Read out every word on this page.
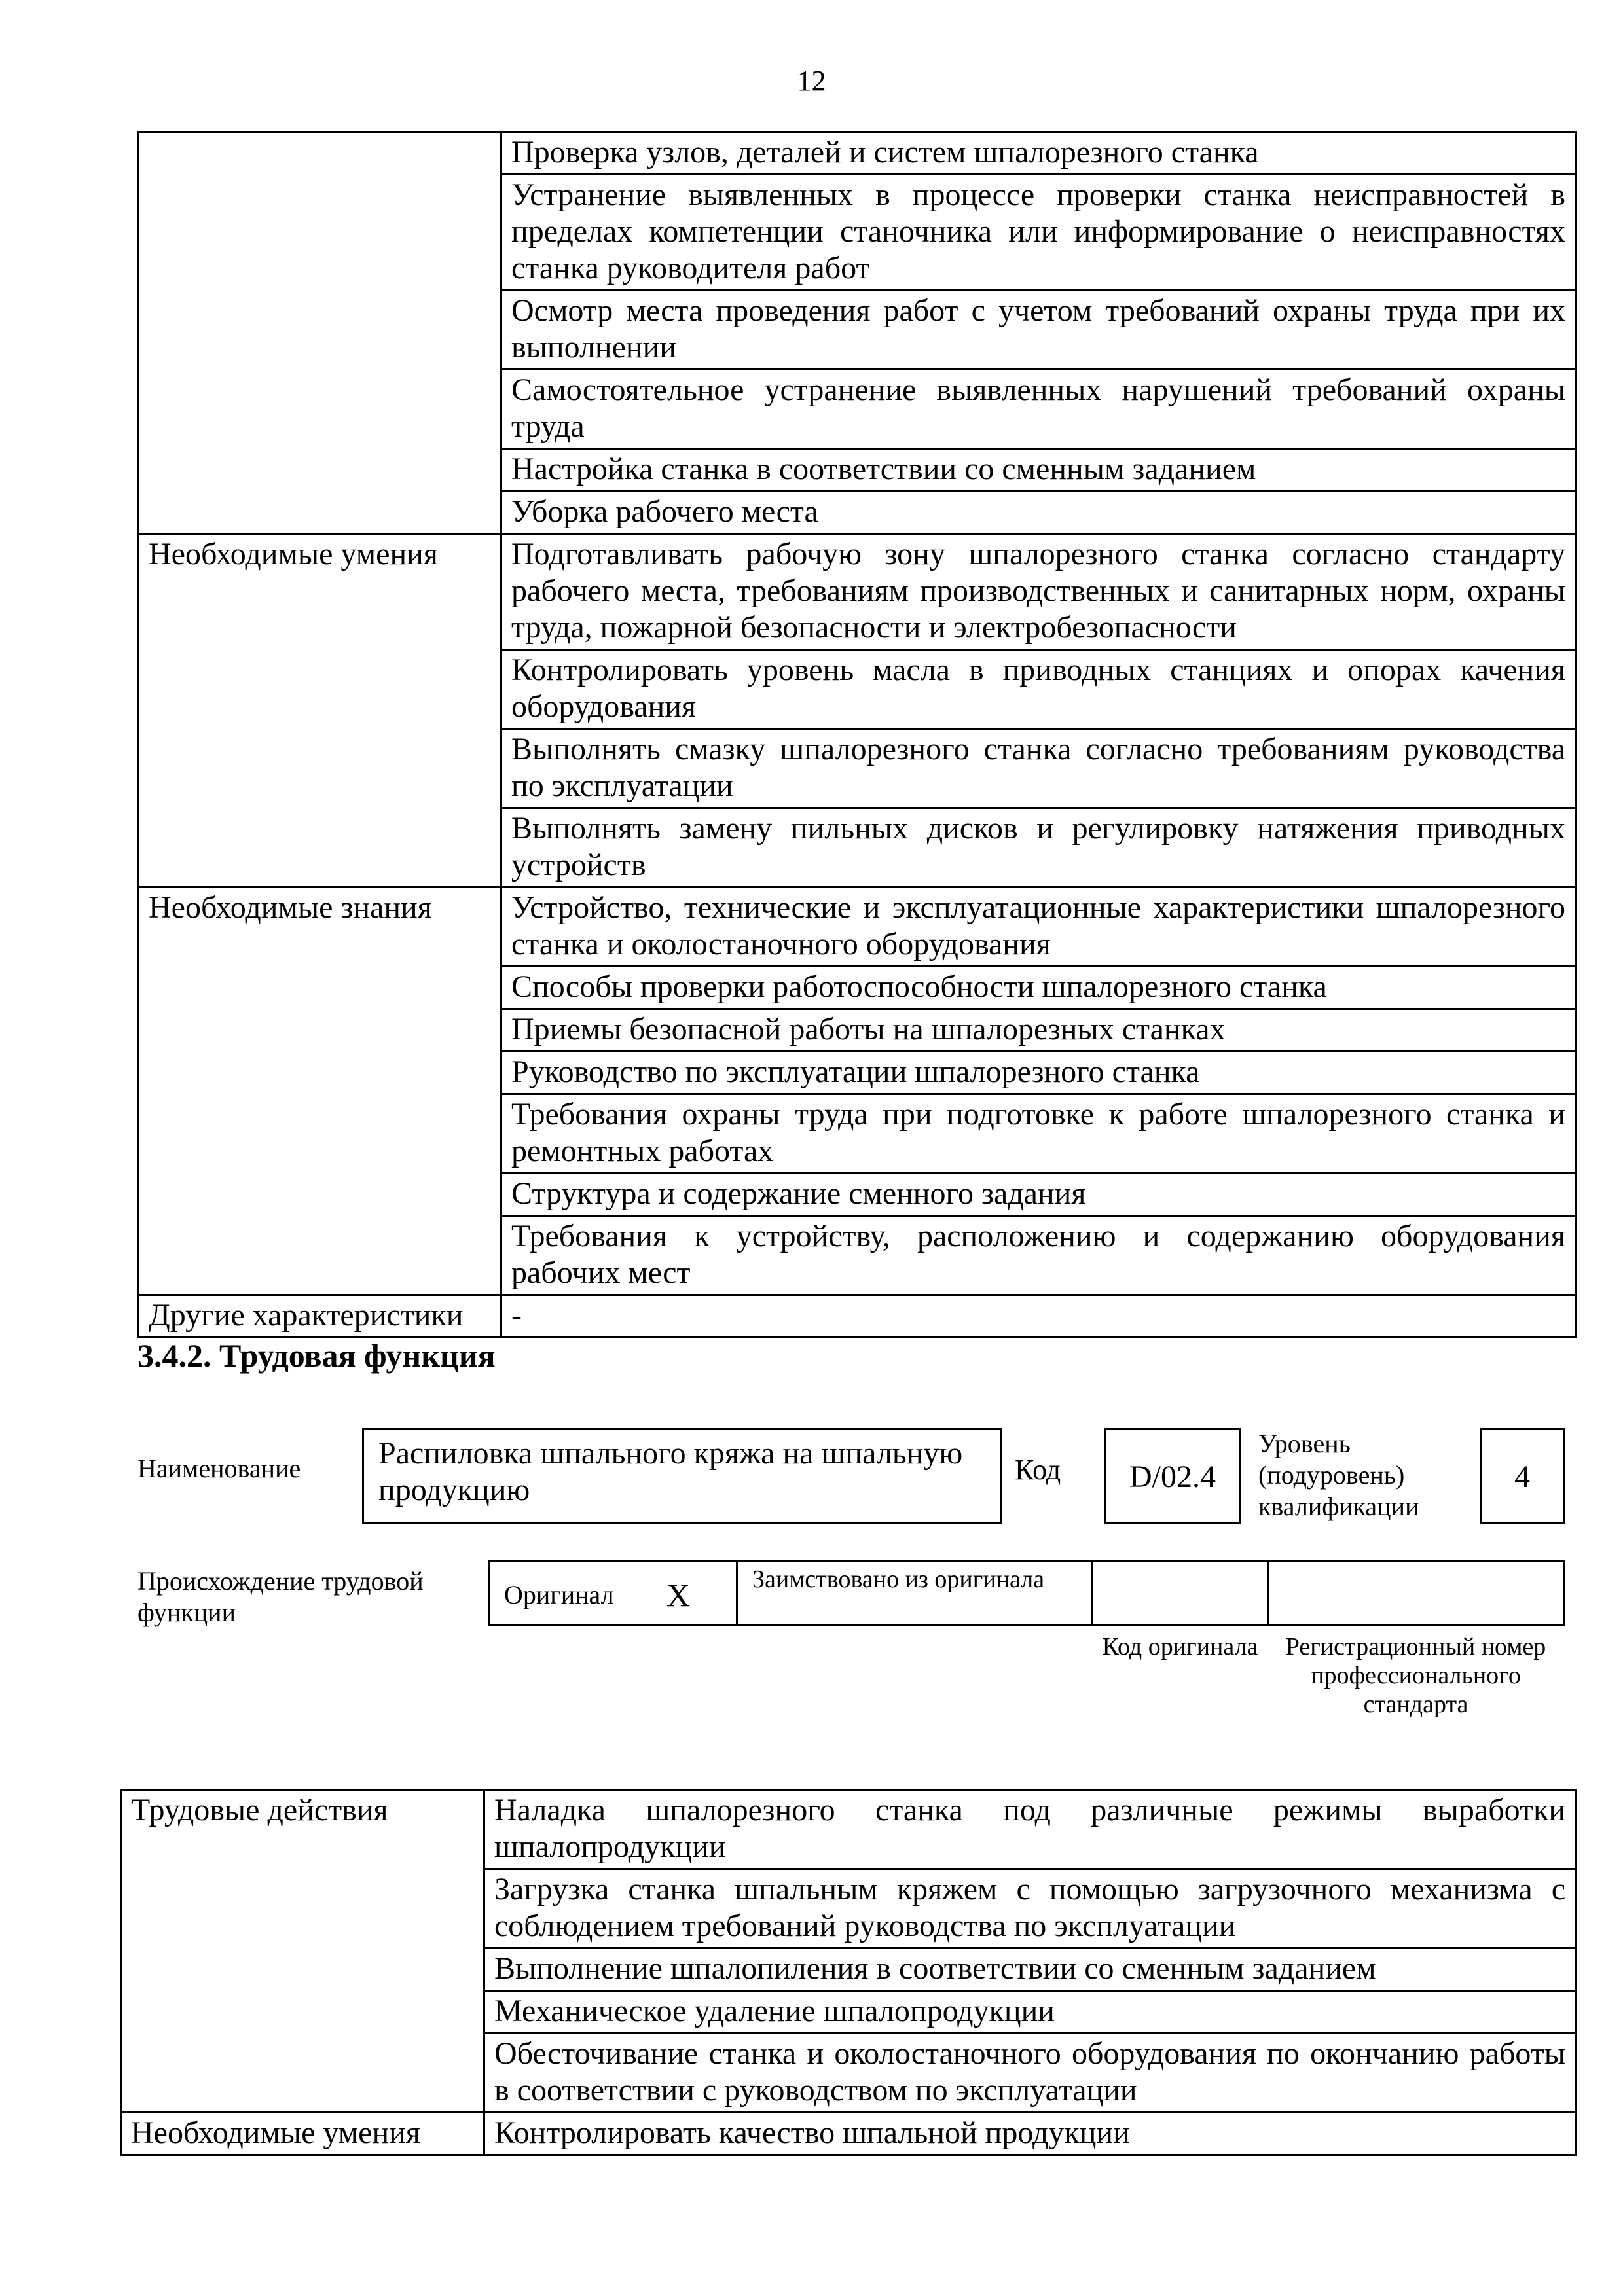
12
	Проверка узлов, деталей и систем шпалорезного станка
	Устранение выявленных в процессе проверки станка неисправностей в пределах компетенции станочника или информирование о неисправностях станка руководителя работ
	Осмотр места проведения работ с учетом требований охраны труда при их выполнении
	Самостоятельное устранение выявленных нарушений требований охраны труда
	Настройка станка в соответствии со сменным заданием
	Уборка рабочего места
Необходимые умения	Подготавливать рабочую зону шпалорезного станка согласно стандарту рабочего места, требованиям производственных и санитарных норм, охраны труда, пожарной безопасности и электробезопасности
	Контролировать уровень масла в приводных станциях и опорах качения оборудования
	Выполнять смазку шпалорезного станка согласно требованиям руководства по эксплуатации
	Выполнять замену пильных дисков и регулировку натяжения приводных устройств
Необходимые знания	Устройство, технические и эксплуатационные характеристики шпалорезного станка и околостаночного оборудования
	Способы проверки работоспособности шпалорезного станка
	Приемы безопасной работы на шпалорезных станках
	Руководство по эксплуатации шпалорезного станка
	Требования охраны труда при подготовке к работе шпалорезного станка и ремонтных работах
	Структура и содержание сменного задания
	Требования к устройству, расположению и содержанию оборудования рабочих мест
Другие характеристики	-
3.4.2. Трудовая функция
Наименование	Распиловка шпального кряжа на шпальную продукцию
Код	D/02.4
Уровень (подуровень) квалификации
4
Происхождение трудовой функции
Оригинал X	Заимствовано из оригинала
Код оригинала	Регистрационный номер профессионального стандарта
Трудовые действия	Наладка шпалорезного станка под различные режимы выработки шпалопродукции
	Загрузка станка шпальным кряжем с помощью загрузочного механизма с соблюдением требований руководства по эксплуатации
	Выполнение шпалопиления в соответствии со сменным заданием
	Механическое удаление шпалопродукции
	Обесточивание станка и околостаночного оборудования по окончанию работы в соответствии с руководством по эксплуатации
Необходимые умения	Контролировать качество шпальной продукции
